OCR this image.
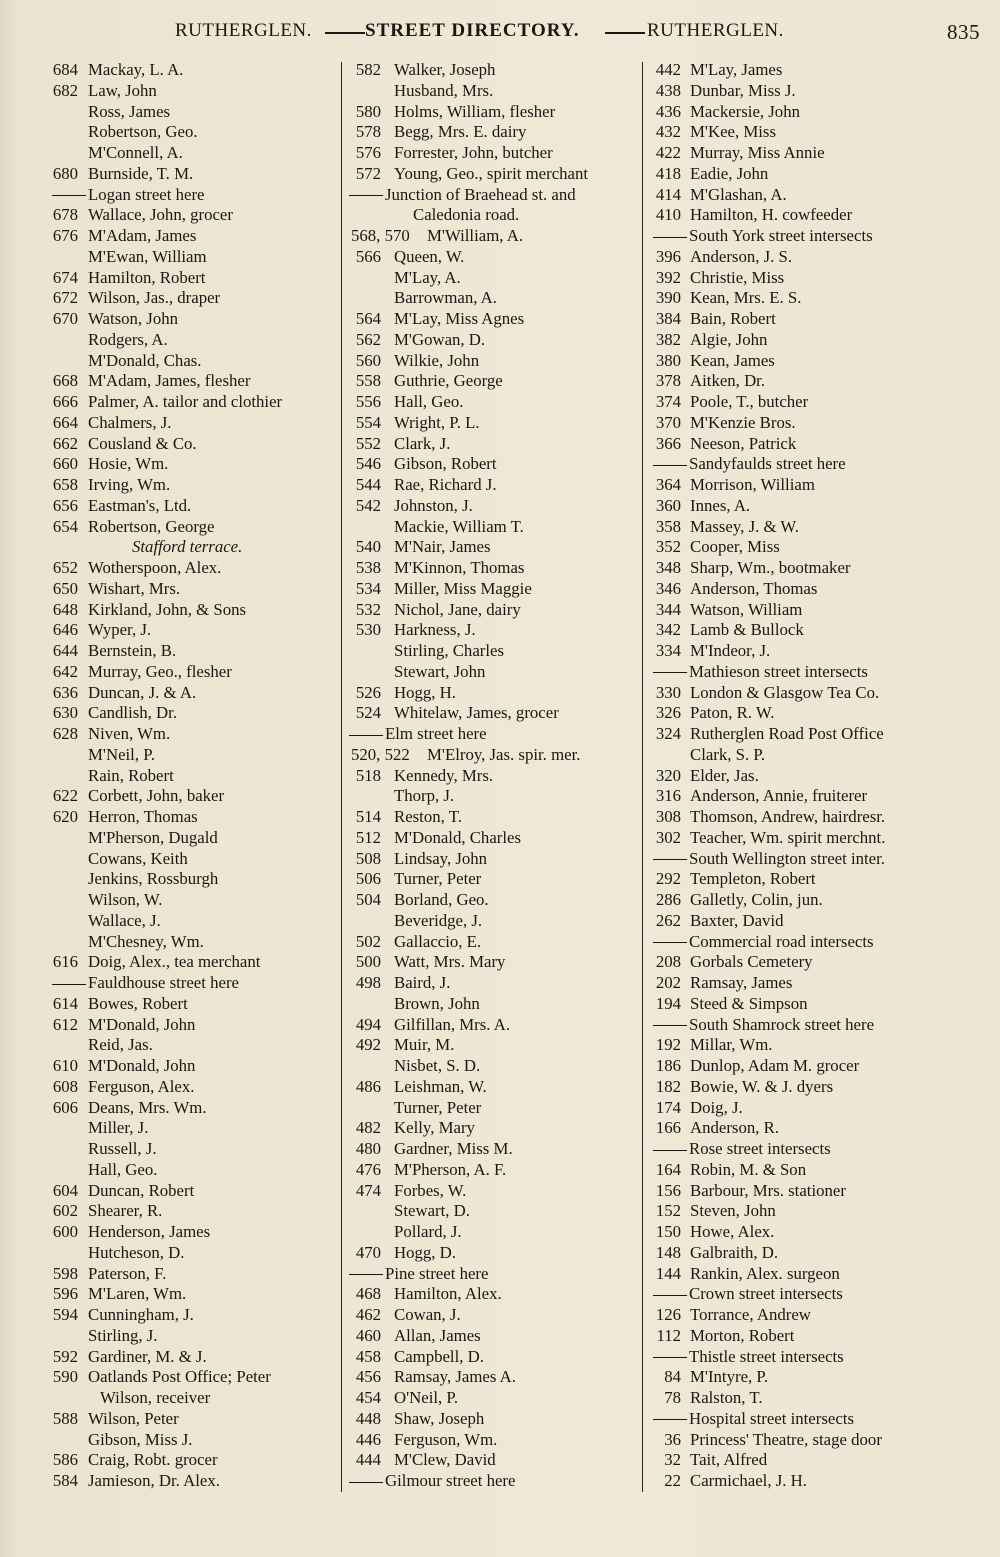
RUTHERGLEN.	STREET DIRECTORY.	RUTHERGLEN.	835
684 Mackay, L. A.
682 Law, John
Ross, James
Robertson, Geo.
M'Connell, A.
680 Burnside, T. M.
Logan street here
678 Wallace, John, grocer
676 M'Adam, James
M'Ewan, William
674 Hamilton, Robert
672 Wilson, Jas., draper
670 Watson, John
Rodgers, A.
M'Donald, Chas.
668 M'Adam, James, flesher
666 Palmer, A. tailor and clothier
664 Chalmers, J.
662 Cousland & Co.
660 Hosie, Wm.
658 Irving, Wm.
656 Eastman's, Ltd.
654 Robertson, George
Stafford terrace.
652 Wotherspoon, Alex.
650 Wishart, Mrs.
648 Kirkland, John, & Sons
646 Wyper, J.
644 Bernstein, B.
642 Murray, Geo., flesher
636 Duncan, J. & A.
630 Candlish, Dr.
628 Niven, Wm.
M'Neil, P.
Rain, Robert
622 Corbett, John, baker
620 Herron, Thomas
M'Pherson, Dugald
Cowans, Keith
Jenkins, Rossburgh
Wilson, W.
Wallace, J.
M'Chesney, Wm.
616 Doig, Alex., tea merchant
Fauldhouse street here
614 Bowes, Robert
612 M'Donald, John
Reid, Jas.
610 M'Donald, John
608 Ferguson, Alex.
606 Deans, Mrs. Wm.
Miller, J.
Russell, J.
Hall, Geo.
604 Duncan, Robert
602 Shearer, R.
600 Henderson, James
Hutcheson, D.
598 Paterson, F.
596 M'Laren, Wm.
594 Cunningham, J.
Stirling, J.
592 Gardiner, M. & J.
590 Oatlands Post Office; Peter
Wilson, receiver
588 Wilson, Peter
Gibson, Miss J.
586 Craig, Robt. grocer
584 Jamieson, Dr. Alex.
582 Walker, Joseph
Husband, Mrs.
580 Holms, William, flesher
578 Begg, Mrs. E. dairy
576 Forrester, John, butcher
572 Young, Geo., spirit merchant
Junction of Braehead st. and
Caledonia road.
568, 570 M'William, A.
566 Queen, W.
M'Lay, A.
Barrowman, A.
564 M'Lay, Miss Agnes
562 M'Gowan, D.
560 Wilkie, John
558 Guthrie, George
556 Hall, Geo.
554 Wright, P. L.
552 Clark, J.
546 Gibson, Robert
544 Rae, Richard J.
542 Johnston, J.
Mackie, William T.
540 M'Nair, James
538 M'Kinnon, Thomas
534 Miller, Miss Maggie
532 Nichol, Jane, dairy
530 Harkness, J.
Stirling, Charles
Stewart, John
526 Hogg, H.
524 Whitelaw, James, grocer
Elm street here
520, 522 M'Elroy, Jas. spir. mer.
518 Kennedy, Mrs.
Thorp, J.
514 Reston, T.
512 M'Donald, Charles
508 Lindsay, John
506 Turner, Peter
504 Borland, Geo.
Beveridge, J.
502 Gallaccio, E.
500 Watt, Mrs. Mary
498 Baird, J.
Brown, John
494 Gilfillan, Mrs. A.
492 Muir, M.
Nisbet, S. D.
486 Leishman, W.
Turner, Peter
482 Kelly, Mary
480 Gardner, Miss M.
476 M'Pherson, A. F.
474 Forbes, W.
Stewart, D.
Pollard, J.
470 Hogg, D.
Pine street here
468 Hamilton, Alex.
462 Cowan, J.
460 Allan, James
458 Campbell, D.
456 Ramsay, James A.
454 O'Neil, P.
448 Shaw, Joseph
446 Ferguson, Wm.
444 M'Clew, David
Gilmour street here
442 M'Lay, James
438 Dunbar, Miss J.
436 Mackersie, John
432 M'Kee, Miss
422 Murray, Miss Annie
418 Eadie, John
414 M'Glashan, A.
410 Hamilton, H. cowfeeder
South York street intersects
396 Anderson, J. S.
392 Christie, Miss
390 Kean, Mrs. E. S.
384 Bain, Robert
382 Algie, John
380 Kean, James
378 Aitken, Dr.
374 Poole, T., butcher
370 M'Kenzie Bros.
366 Neeson, Patrick
Sandyfaulds street here
364 Morrison, William
360 Innes, A.
358 Massey, J. & W.
352 Cooper, Miss
348 Sharp, Wm., bootmaker
346 Anderson, Thomas
344 Watson, William
342 Lamb & Bullock
334 M'Indeor, J.
Mathieson street intersects
330 London & Glasgow Tea Co.
326 Paton, R. W.
324 Rutherglen Road Post Office
Clark, S. P.
320 Elder, Jas.
316 Anderson, Annie, fruiterer
308 Thomson, Andrew, hairdresr.
302 Teacher, Wm. spirit merchnt.
South Wellington street inter.
292 Templeton, Robert
286 Galletly, Colin, jun.
262 Baxter, David
Commercial road intersects
208 Gorbals Cemetery
202 Ramsay, James
194 Steed & Simpson
South Shamrock street here
192 Millar, Wm.
186 Dunlop, Adam M. grocer
182 Bowie, W. & J. dyers
174 Doig, J.
166 Anderson, R.
Rose street intersects
164 Robin, M. & Son
156 Barbour, Mrs. stationer
152 Steven, John
150 Howe, Alex.
148 Galbraith, D.
144 Rankin, Alex. surgeon
Crown street intersects
126 Torrance, Andrew
112 Morton, Robert
Thistle street intersects
84 M'Intyre, P.
78 Ralston, T.
Hospital street intersects
36 Princess' Theatre, stage door
32 Tait, Alfred
22 Carmichael, J. H.
